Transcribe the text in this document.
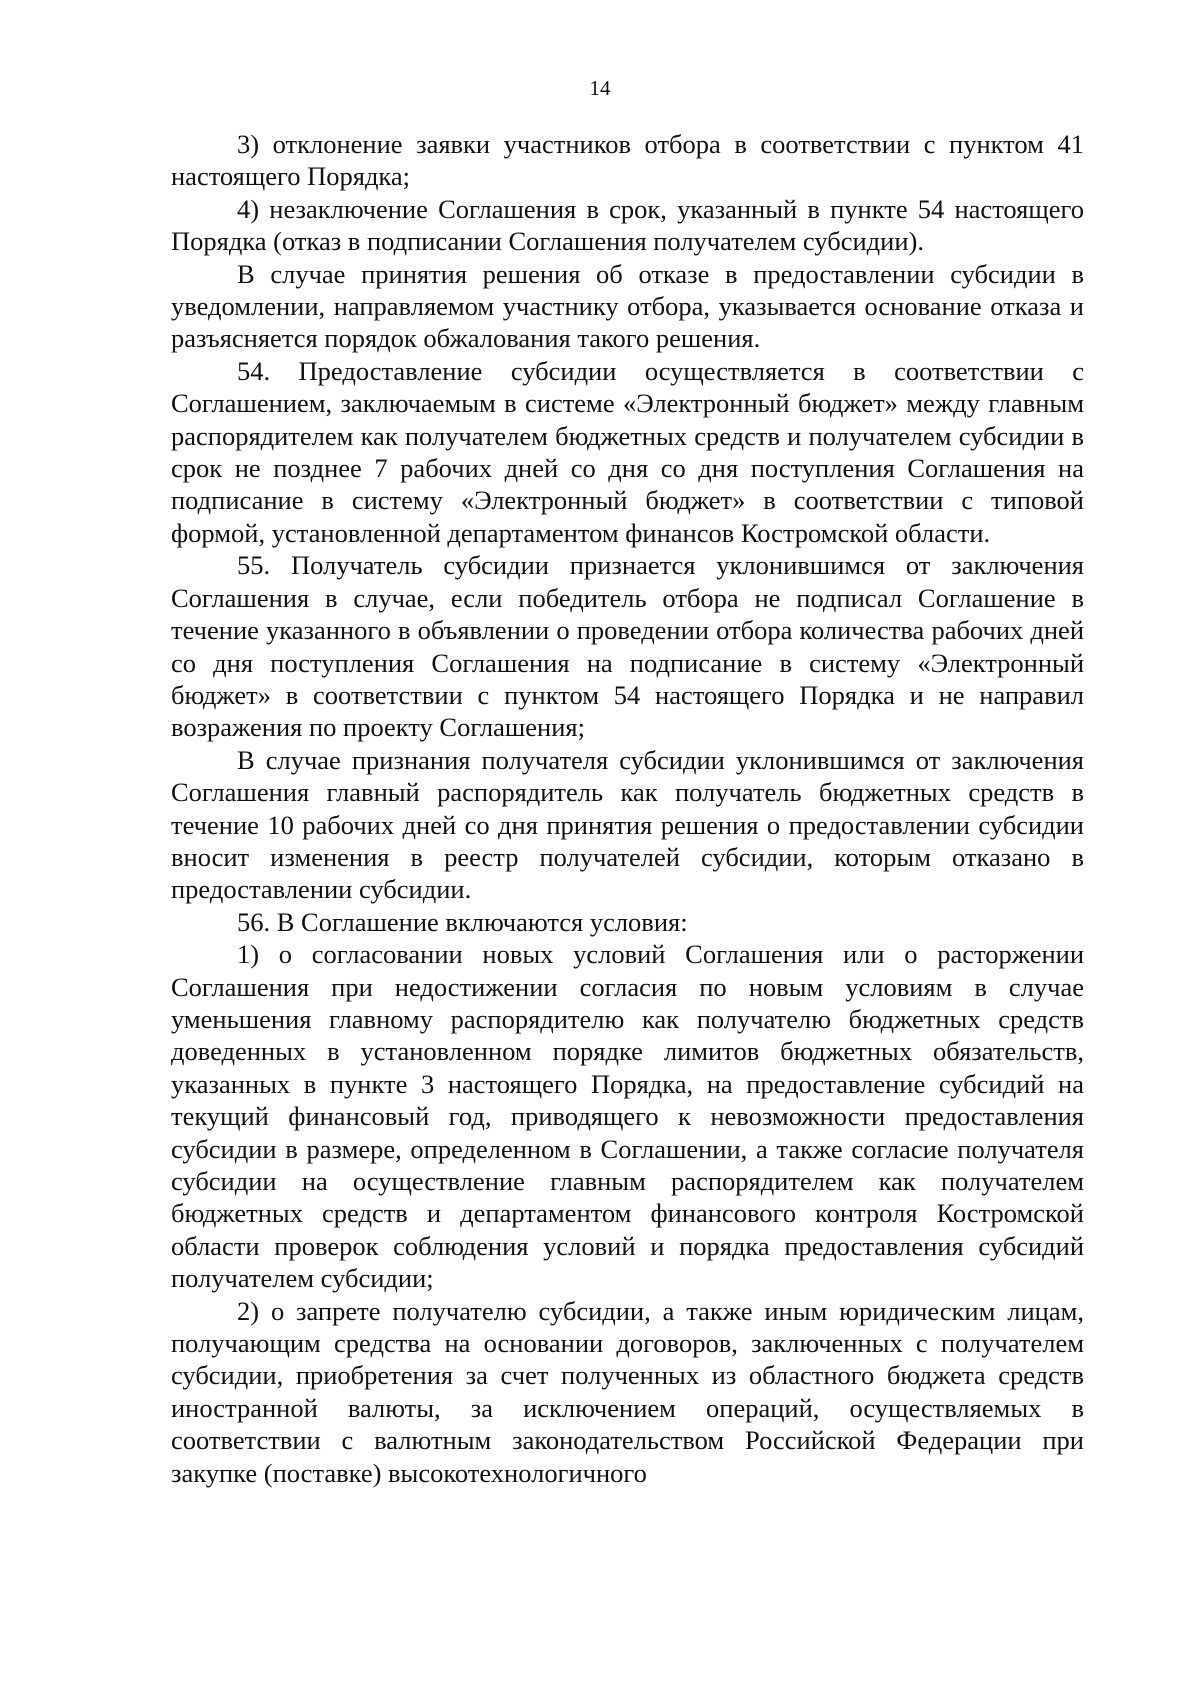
14

3) отклонение заявки участников отбора в соответствии с пунктом 41 настоящего Порядка;

4) незаключение Соглашения в срок, указанный в пункте 54 настоящего Порядка (отказ в подписании Соглашения получателем субсидии).

В случае принятия решения об отказе в предоставлении субсидии в уведомлении, направляемом участнику отбора, указывается основание отказа и разъясняется порядок обжалования такого решения.

54. Предоставление субсидии осуществляется в соответствии с Соглашением, заключаемым в системе «Электронный бюджет» между главным распорядителем как получателем бюджетных средств и получателем субсидии в срок не позднее 7 рабочих дней со дня со дня поступления Соглашения на подписание в систему «Электронный бюджет» в соответствии с типовой формой, установленной департаментом финансов Костромской области.

55. Получатель субсидии признается уклонившимся от заключения Соглашения в случае, если победитель отбора не подписал Соглашение в течение указанного в объявлении о проведении отбора количества рабочих дней со дня поступления Соглашения на подписание в систему «Электронный бюджет» в соответствии с пунктом 54 настоящего Порядка и не направил возражения по проекту Соглашения;

В случае признания получателя субсидии уклонившимся от заключения Соглашения главный распорядитель как получатель бюджетных средств в течение 10 рабочих дней со дня принятия решения о предоставлении субсидии вносит изменения в реестр получателей субсидии, которым отказано в предоставлении субсидии.

56. В Соглашение включаются условия:

1) о согласовании новых условий Соглашения или о расторжении Соглашения при недостижении согласия по новым условиям в случае уменьшения главному распорядителю как получателю бюджетных средств доведенных в установленном порядке лимитов бюджетных обязательств, указанных в пункте 3 настоящего Порядка, на предоставление субсидий на текущий финансовый год, приводящего к невозможности предоставления субсидии в размере, определенном в Соглашении, а также согласие получателя субсидии на осуществление главным распорядителем как получателем бюджетных средств и департаментом финансового контроля Костромской области проверок соблюдения условий и порядка предоставления субсидий получателем субсидии;

2) о запрете получателю субсидии, а также иным юридическим лицам, получающим средства на основании договоров, заключенных с получателем субсидии, приобретения за счет полученных из областного бюджета средств иностранной валюты, за исключением операций, осуществляемых в соответствии с валютным законодательством Российской Федерации при закупке (поставке) высокотехнологичного
